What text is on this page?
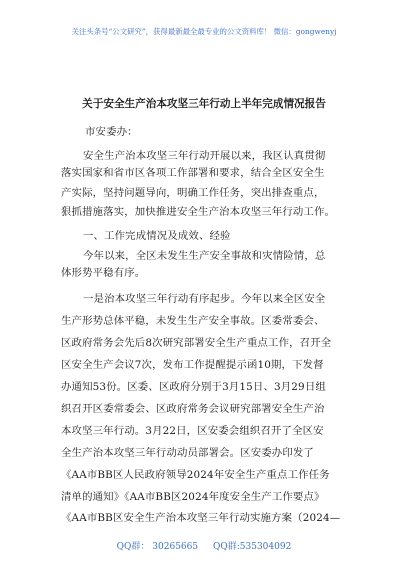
关注头条号“公文研究”，获得最新最全最专业的公文资料库！ 微信：gongwenyj
关于安全生产治本攻坚三年行动上半年完成情况报告
市安委办：
安全生产治本攻坚三年行动开展以来，我区认真贯彻
落实国家和省市区各项工作部署和要求，结合全区安全生
产实际，坚持问题导向，明确工作任务，突出排查重点，
狠抓措施落实，加快推进安全生产治本攻坚三年行动工作。
一、工作完成情况及成效、经验
今年以来，全区未发生生产安全事故和灾情险情，总
体形势平稳有序。
一是治本攻坚三年行动有序起步。今年以来全区安全
生产形势总体平稳，未发生生产安全事故。区委常委会、
区政府常务会先后8次研究部署安全生产重点工作，召开全
区安全生产会议7次，发布工作提醒提示函10期，下发督
办通知53份。区委、区政府分别于3月15日、3月29日组
织召开区委常委会、区政府常务会议研究部署安全生产治
本攻坚三年行动。3月22日，区安委会组织召开了全区安
全生产治本攻坚三年行动动员部署会。区安委办印发了
《AA市BB区人民政府领导2024年安全生产重点工作任务
清单的通知》《AA市BB区2024年度安全生产工作要点》
《AA市BB区安全生产治本攻坚三年行动实施方案（2024—
QQ群： 30265665 QQ群:535304092
